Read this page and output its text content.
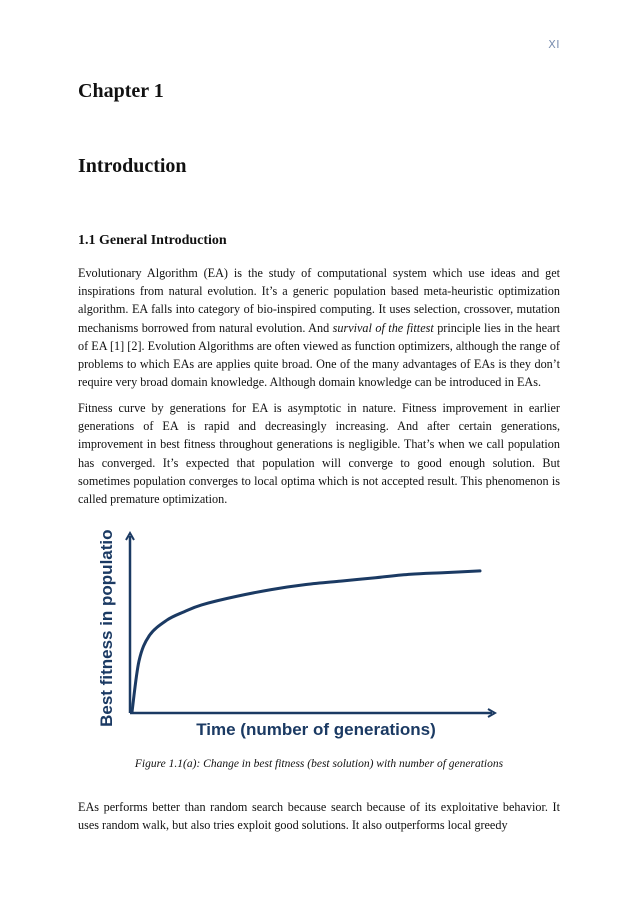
XI
Chapter 1
Introduction
1.1 General Introduction

Evolutionary Algorithm (EA) is the study of computational system which use ideas and get inspirations from natural evolution. It’s a generic population based meta-heuristic optimization algorithm. EA falls into category of bio-inspired computing. It uses selection, crossover, mutation mechanisms borrowed from natural evolution. And survival of the fittest principle lies in the heart of EA [1] [2]. Evolution Algorithms are often viewed as function optimizers, although the range of problems to which EAs are applies quite broad. One of the many advantages of EAs is they don’t require very broad domain knowledge. Although domain knowledge can be introduced in EAs.

Fitness curve by generations for EA is asymptotic in nature. Fitness improvement in earlier generations of EA is rapid and decreasingly increasing. And after certain generations, improvement in best fitness throughout generations is negligible. That’s when we call population has converged. It’s expected that population will converge to good enough solution. But sometimes population converges to local optima which is not accepted result. This phenomenon is called premature optimization.

Time (number of generations)
Best fitness in population

Figure 1.1(a): Change in best fitness (best solution) with number of generations

EAs performs better than random search because search because of its exploitative behavior. It uses random walk, but also tries exploit good solutions. It also outperforms local greedy
